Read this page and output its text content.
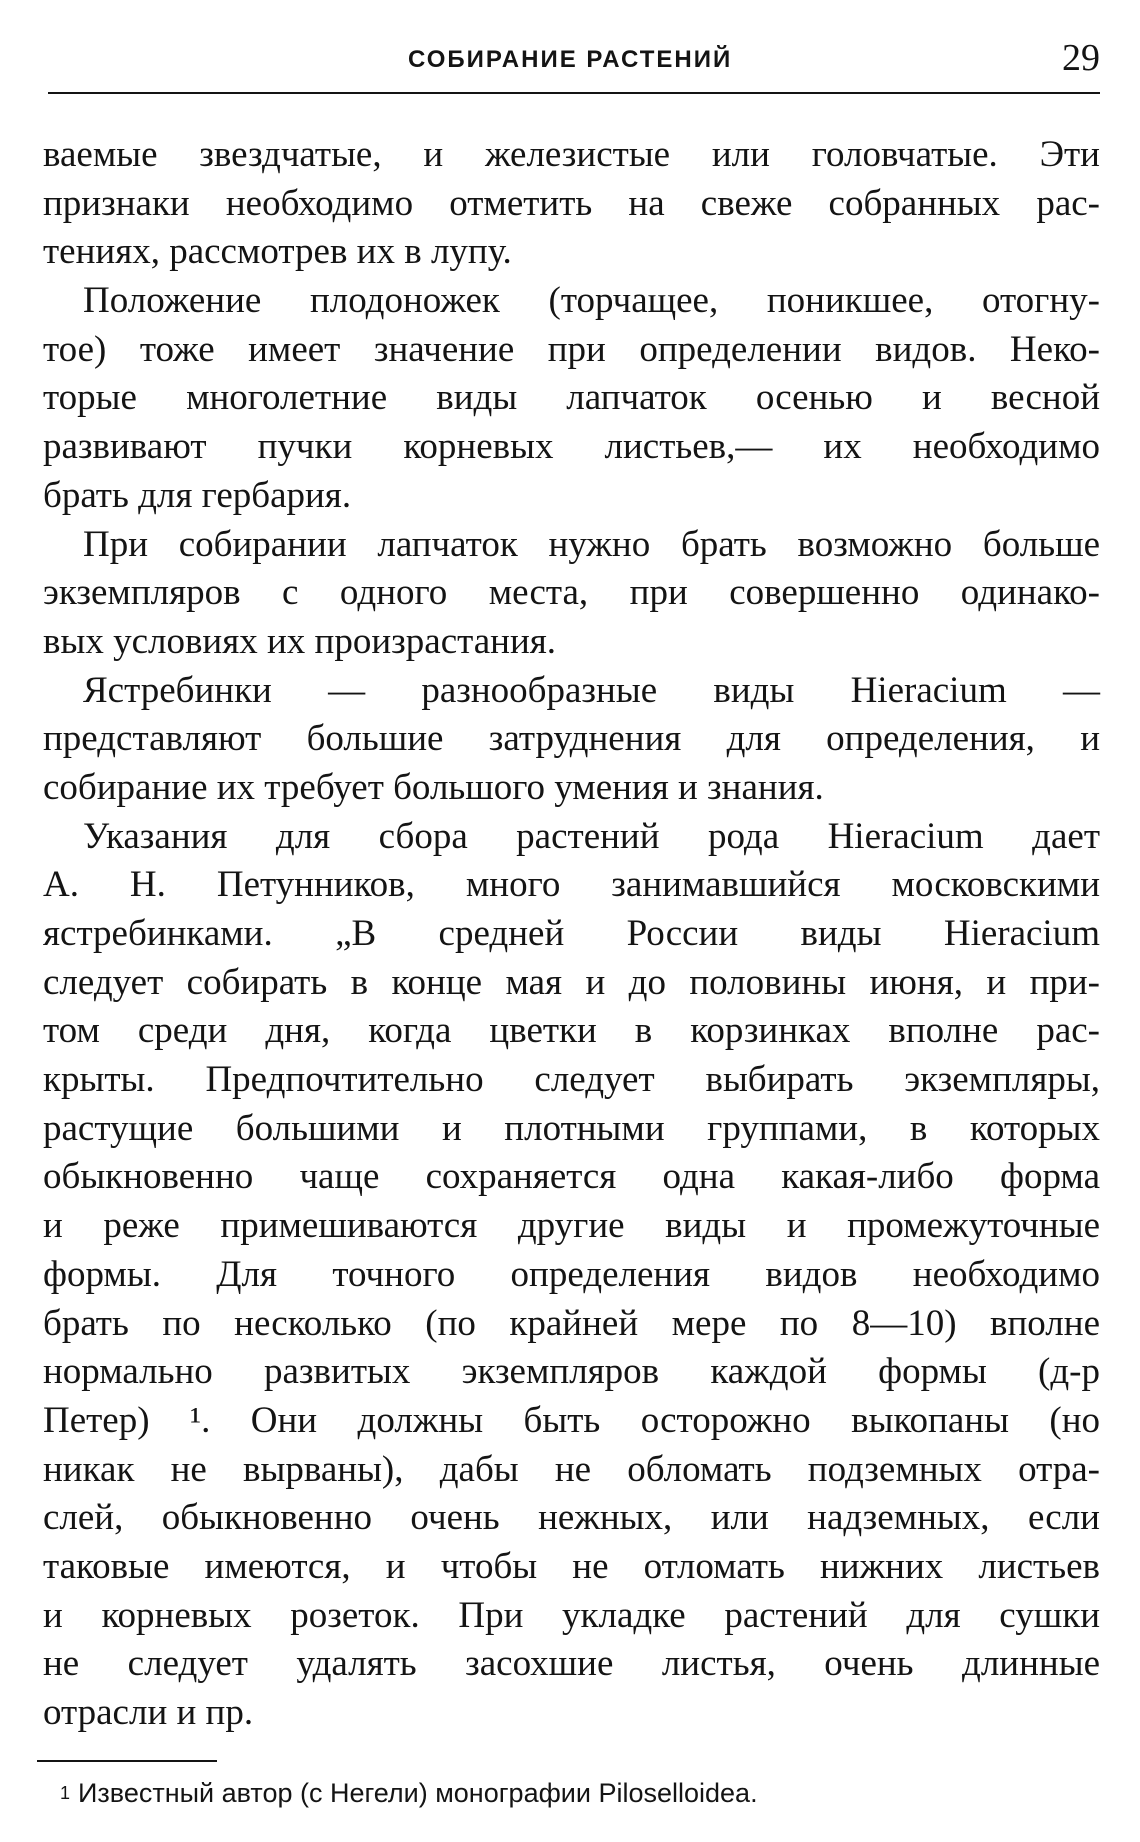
СОБИРАНИЕ РАСТЕНИЙ	29
ваемые звездчатые, и железистые или головчатые. Эти
признаки необходимо отметить на свеже собранных рас-
тениях, рассмотрев их в лупу.
Положение плодоножек (торчащее, поникшее, отогну-
тое) тоже имеет значение при определении видов. Неко-
торые многолетние виды лапчаток осенью и весной
развивают пучки корневых листьев,— их необходимо
брать для гербария.
При собирании лапчаток нужно брать возможно больше
экземпляров с одного места, при совершенно одинако-
вых условиях их произрастания.
Ястребинки — разнообразные виды Hieracium —
представляют большие затруднения для определения, и
собирание их требует большого умения и знания.
Указания для сбора растений рода Hieracium дает
А. Н. Петунников, много занимавшийся московскими
ястребинками. „В средней России виды Hieracium
следует собирать в конце мая и до половины июня, и при-
том среди дня, когда цветки в корзинках вполне рас-
крыты. Предпочтительно следует выбирать экземпляры,
растущие большими и плотными группами, в которых
обыкновенно чаще сохраняется одна какая-либо форма
и реже примешиваются другие виды и промежуточные
формы. Для точного определения видов необходимо
брать по несколько (по крайней мере по 8—10) вполне
нормально развитых экземпляров каждой формы (д-р
Петер) ¹. Они должны быть осторожно выкопаны (но
никак не вырваны), дабы не обломать подземных отра-
слей, обыкновенно очень нежных, или надземных, если
таковые имеются, и чтобы не отломать нижних листьев
и корневых розеток. При укладке растений для сушки
не следует удалять засохшие листья, очень длинные
отрасли и пр.
$^1$ Известный автор (с Негели) монографии Piloselloidea.
